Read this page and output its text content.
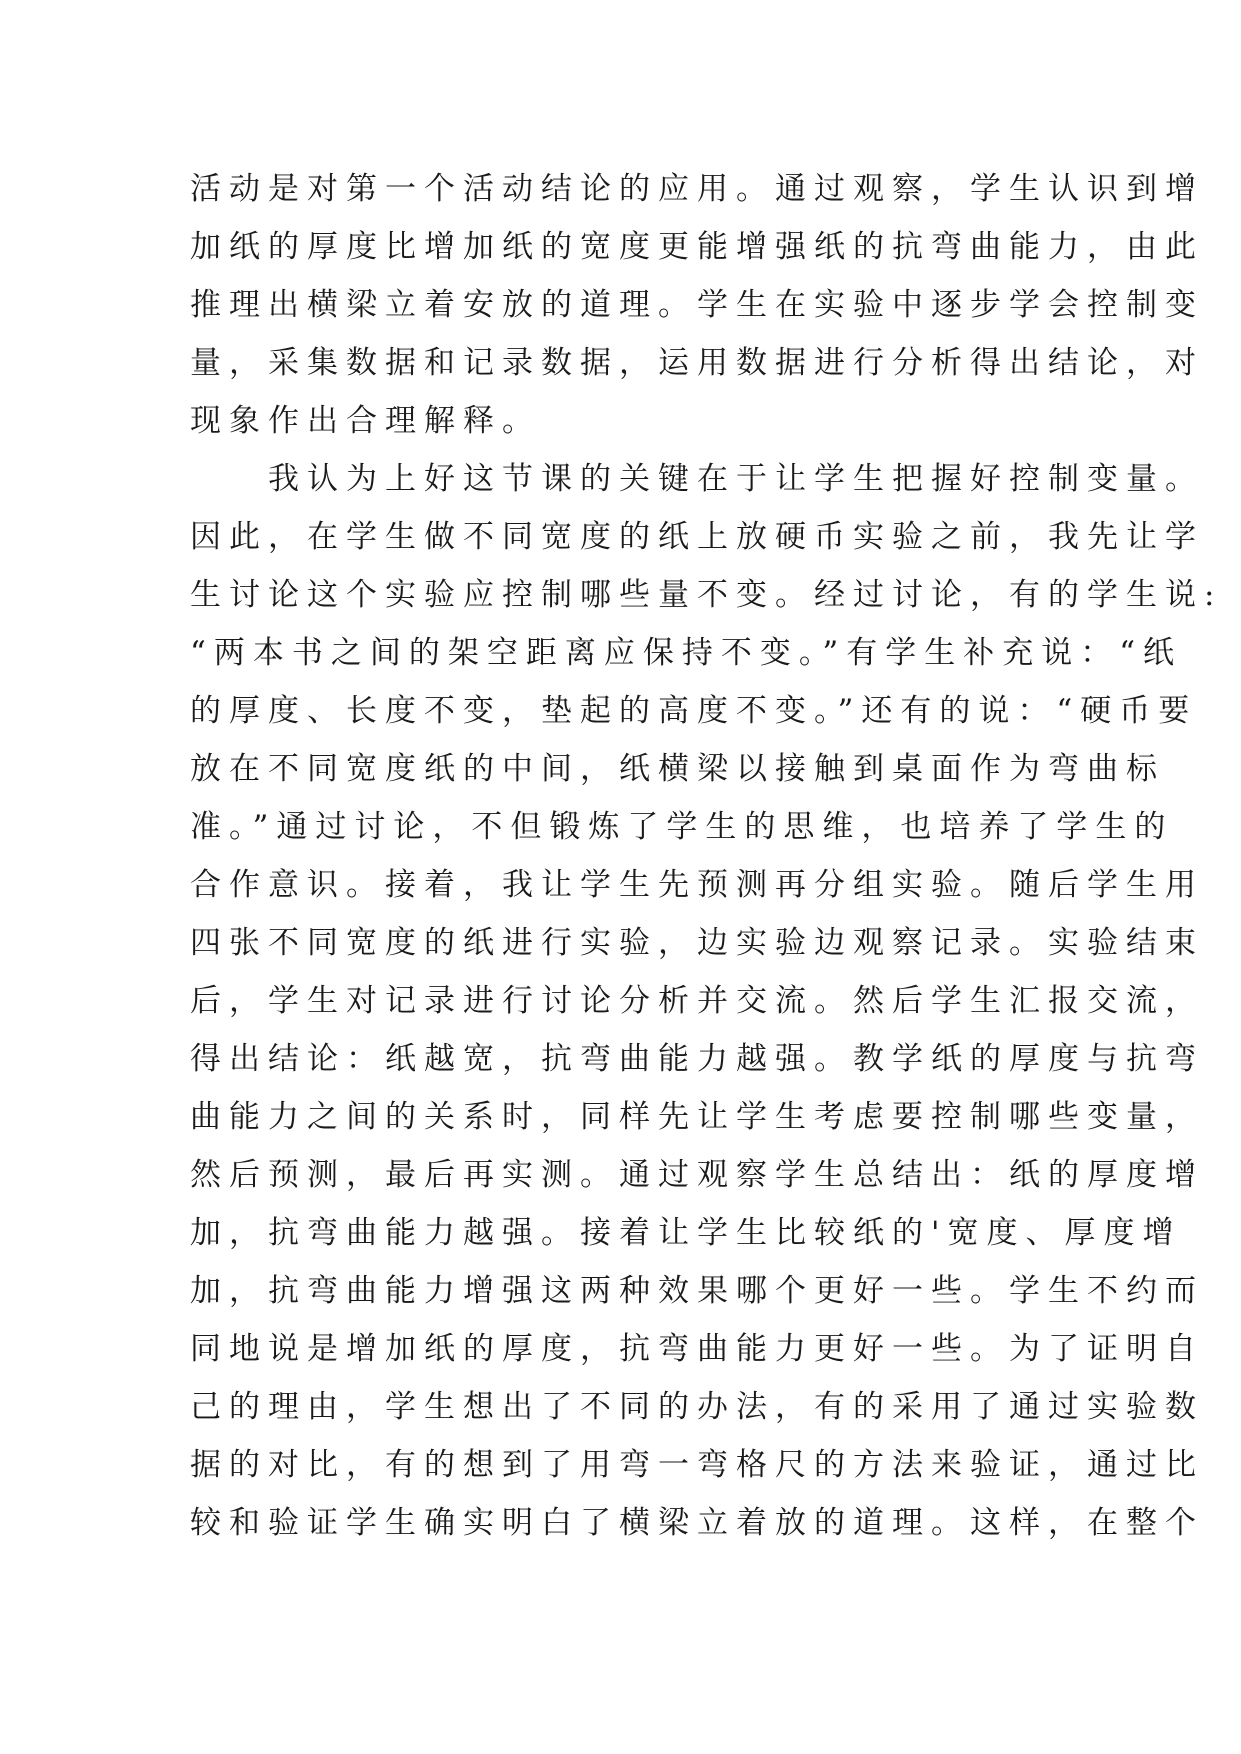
活动是对第一个活动结论的应用。通过观察，学生认识到增
加纸的厚度比增加纸的宽度更能增强纸的抗弯曲能力，由此
推理出横梁立着安放的道理。学生在实验中逐步学会控制变
量，采集数据和记录数据，运用数据进行分析得出结论，对
现象作出合理解释。
　　我认为上好这节课的关键在于让学生把握好控制变量。
因此，在学生做不同宽度的纸上放硬币实验之前，我先让学
生讨论这个实验应控制哪些量不变。经过讨论，有的学生说:
“两本书之间的架空距离应保持不变。”有学生补充说：“纸
的厚度、长度不变，垫起的高度不变。”还有的说：“硬币要
放在不同宽度纸的中间，纸横梁以接触到桌面作为弯曲标
准。”通过讨论，不但锻炼了学生的思维，也培养了学生的
合作意识。接着，我让学生先预测再分组实验。随后学生用
四张不同宽度的纸进行实验，边实验边观察记录。实验结束
后，学生对记录进行讨论分析并交流。然后学生汇报交流，
得出结论：纸越宽，抗弯曲能力越强。教学纸的厚度与抗弯
曲能力之间的关系时，同样先让学生考虑要控制哪些变量，
然后预测，最后再实测。通过观察学生总结出：纸的厚度增
加，抗弯曲能力越强。接着让学生比较纸的'宽度、厚度增
加，抗弯曲能力增强这两种效果哪个更好一些。学生不约而
同地说是增加纸的厚度，抗弯曲能力更好一些。为了证明自
己的理由，学生想出了不同的办法，有的采用了通过实验数
据的对比，有的想到了用弯一弯格尺的方法来验证，通过比
较和验证学生确实明白了横梁立着放的道理。这样，在整个
